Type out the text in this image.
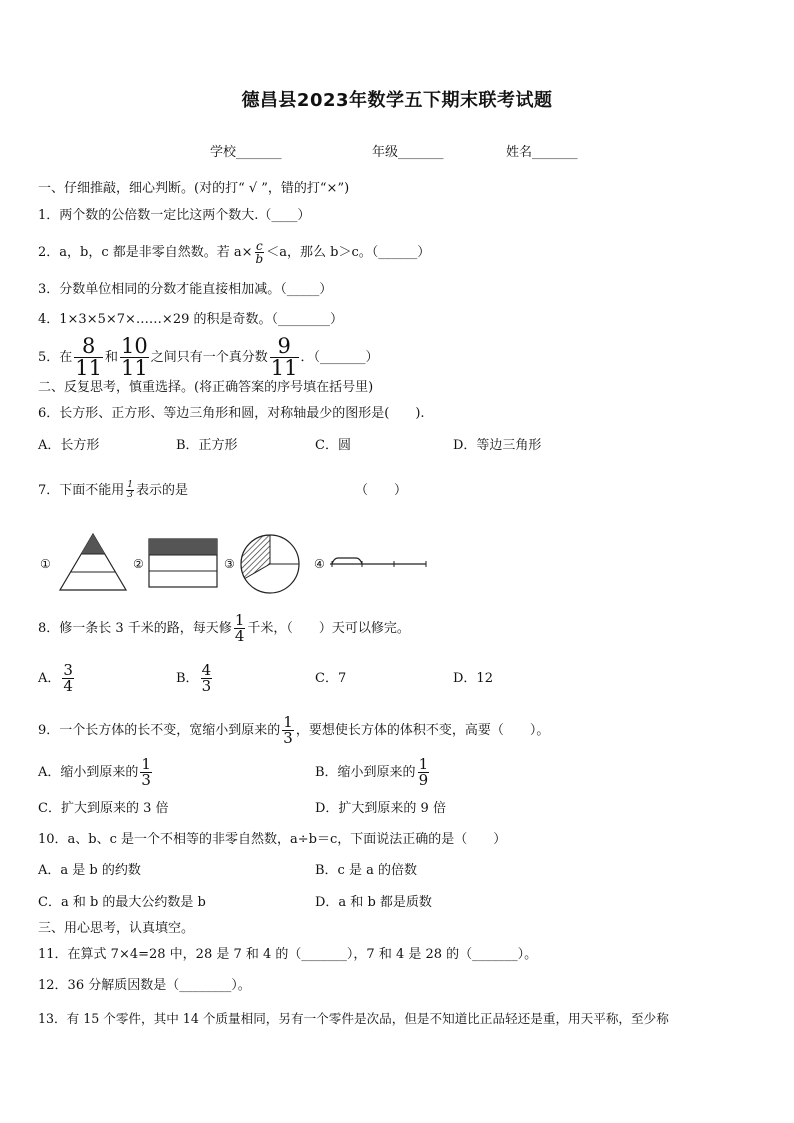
德昌县2023年数学五下期末联考试题
学校_______	年级_______	姓名_______
一、仔细推敲，细心判断。(对的打“ √ ”，错的打“×”)
1．两个数的公倍数一定比这两个数大.（____）
2．a，b，c 都是非零自然数。若 $a\times \frac{c}{b} <a$，那么 b＞c。（______）
3．分数单位相同的分数才能直接相加减。（_____）
4．1×3×5×7×……×29 的积是奇数。（________）
5．在 $\frac{8}{11}$ 和 $\frac{10}{11}$ 之间只有一个真分数 $\frac{9}{11}$ ．（_______）
二、反复思考，慎重选择。(将正确答案的序号填在括号里)
6．长方形、正方形、等边三角形和圆，对称轴最少的图形是(　　).
A．长方形	B．正方形	C．圆	D．等边三角形
7．下面不能用 $\frac{1}{3}$ 表示的是	（　　）
①	②	③	④
8．修一条长 3 千米的路，每天修 $\frac{1}{4}$ 千米，（　　）天可以修完。
A． $\frac{3}{4}$	B． $\frac{4}{3}$	C．7	D．12
9．一个长方体的长不变，宽缩小到原来的 $\frac{1}{3}$ ，要想使长方体的体积不变，高要（　　）。
A．缩小到原来的 $\frac{1}{3}$	B．缩小到原来的 $\frac{1}{9}$
C．扩大到原来的 3 倍	D．扩大到原来的 9 倍
10．a、b、c 是一个不相等的非零自然数，a÷b＝c，下面说法正确的是（　　）
A．a 是 b 的约数	B．c 是 a 的倍数
C．a 和 b 的最大公约数是 b	D．a 和 b 都是质数
三、用心思考，认真填空。
11．在算式 7×4=28 中，28 是 7 和 4 的（_______），7 和 4 是 28 的（_______）。
12．36 分解质因数是（________）。
13．有 15 个零件，其中 14 个质量相同，另有一个零件是次品，但是不知道比正品轻还是重，用天平称，至少称
